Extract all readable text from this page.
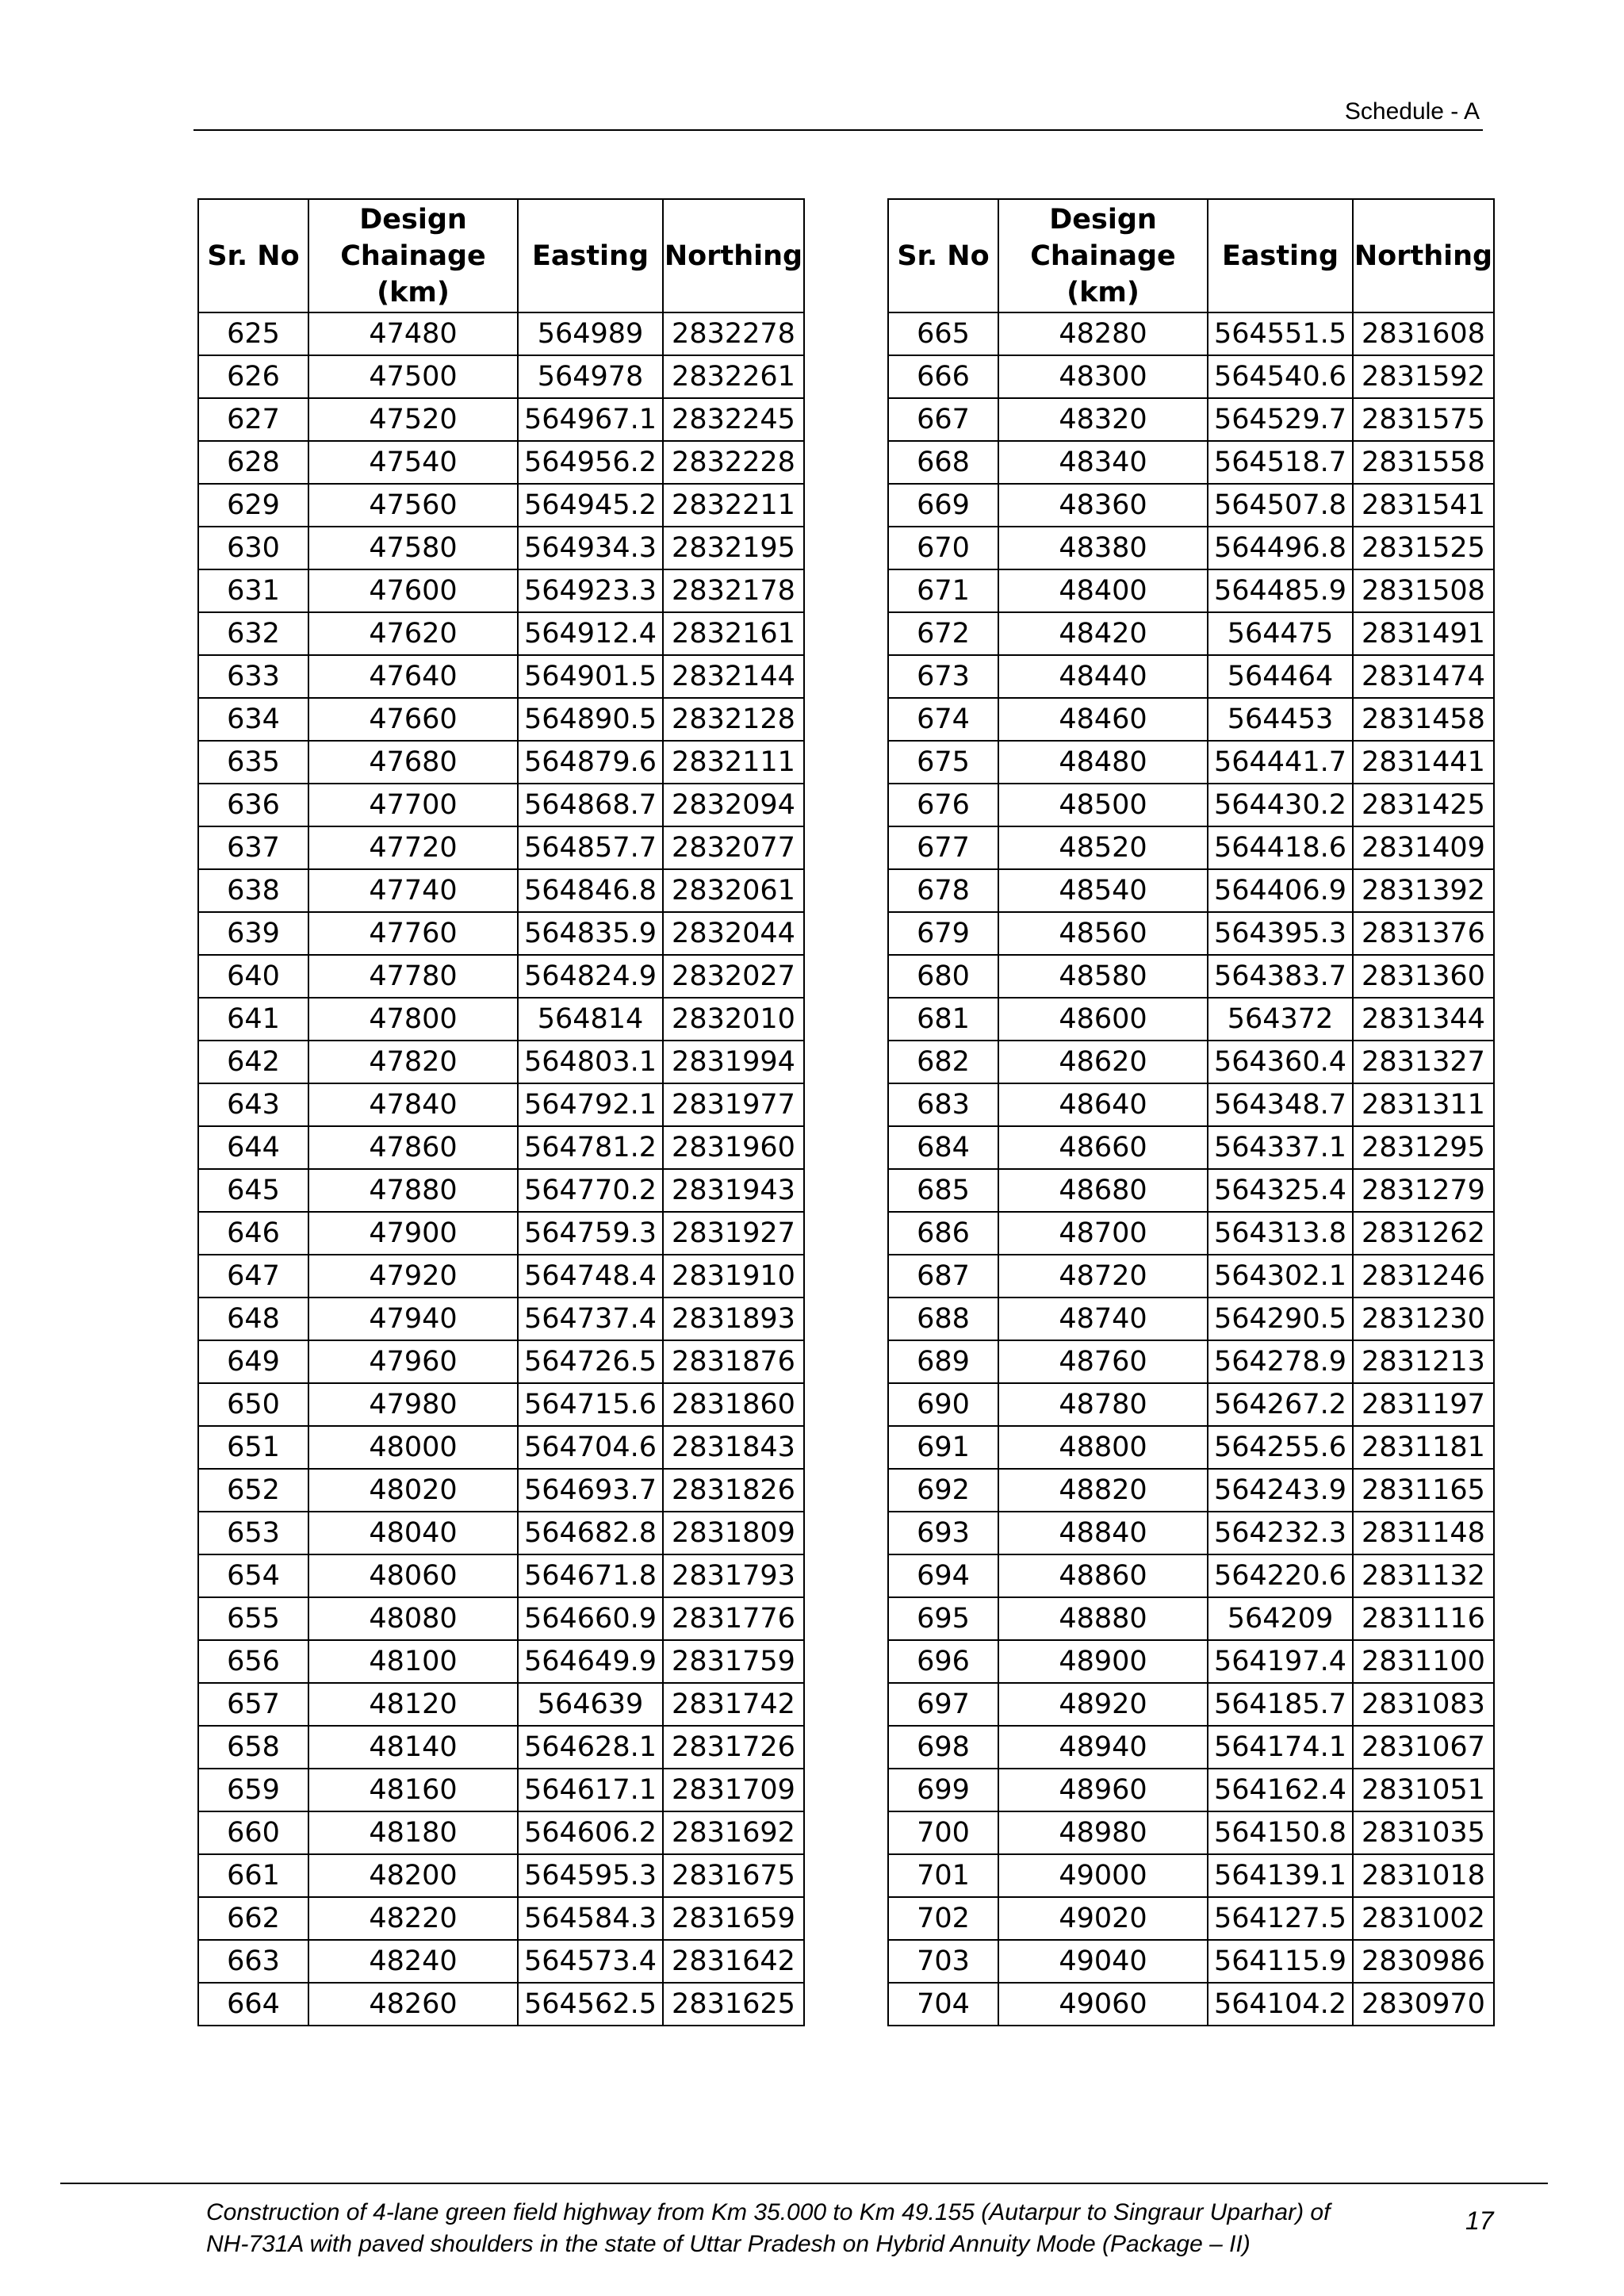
Schedule - A
Sr. No	Design Chainage (km)	Easting	Northing
625	47480	564989	2832278
626	47500	564978	2832261
627	47520	564967.1	2832245
628	47540	564956.2	2832228
629	47560	564945.2	2832211
630	47580	564934.3	2832195
631	47600	564923.3	2832178
632	47620	564912.4	2832161
633	47640	564901.5	2832144
634	47660	564890.5	2832128
635	47680	564879.6	2832111
636	47700	564868.7	2832094
637	47720	564857.7	2832077
638	47740	564846.8	2832061
639	47760	564835.9	2832044
640	47780	564824.9	2832027
641	47800	564814	2832010
642	47820	564803.1	2831994
643	47840	564792.1	2831977
644	47860	564781.2	2831960
645	47880	564770.2	2831943
646	47900	564759.3	2831927
647	47920	564748.4	2831910
648	47940	564737.4	2831893
649	47960	564726.5	2831876
650	47980	564715.6	2831860
651	48000	564704.6	2831843
652	48020	564693.7	2831826
653	48040	564682.8	2831809
654	48060	564671.8	2831793
655	48080	564660.9	2831776
656	48100	564649.9	2831759
657	48120	564639	2831742
658	48140	564628.1	2831726
659	48160	564617.1	2831709
660	48180	564606.2	2831692
661	48200	564595.3	2831675
662	48220	564584.3	2831659
663	48240	564573.4	2831642
664	48260	564562.5	2831625
Sr. No	Design Chainage (km)	Easting	Northing
665	48280	564551.5	2831608
666	48300	564540.6	2831592
667	48320	564529.7	2831575
668	48340	564518.7	2831558
669	48360	564507.8	2831541
670	48380	564496.8	2831525
671	48400	564485.9	2831508
672	48420	564475	2831491
673	48440	564464	2831474
674	48460	564453	2831458
675	48480	564441.7	2831441
676	48500	564430.2	2831425
677	48520	564418.6	2831409
678	48540	564406.9	2831392
679	48560	564395.3	2831376
680	48580	564383.7	2831360
681	48600	564372	2831344
682	48620	564360.4	2831327
683	48640	564348.7	2831311
684	48660	564337.1	2831295
685	48680	564325.4	2831279
686	48700	564313.8	2831262
687	48720	564302.1	2831246
688	48740	564290.5	2831230
689	48760	564278.9	2831213
690	48780	564267.2	2831197
691	48800	564255.6	2831181
692	48820	564243.9	2831165
693	48840	564232.3	2831148
694	48860	564220.6	2831132
695	48880	564209	2831116
696	48900	564197.4	2831100
697	48920	564185.7	2831083
698	48940	564174.1	2831067
699	48960	564162.4	2831051
700	48980	564150.8	2831035
701	49000	564139.1	2831018
702	49020	564127.5	2831002
703	49040	564115.9	2830986
704	49060	564104.2	2830970
Construction of 4-lane green field highway from Km 35.000 to Km 49.155 (Autarpur to Singraur Uparhar) of
NH-731A with paved shoulders in the state of Uttar Pradesh on Hybrid Annuity Mode (Package – II)
17
